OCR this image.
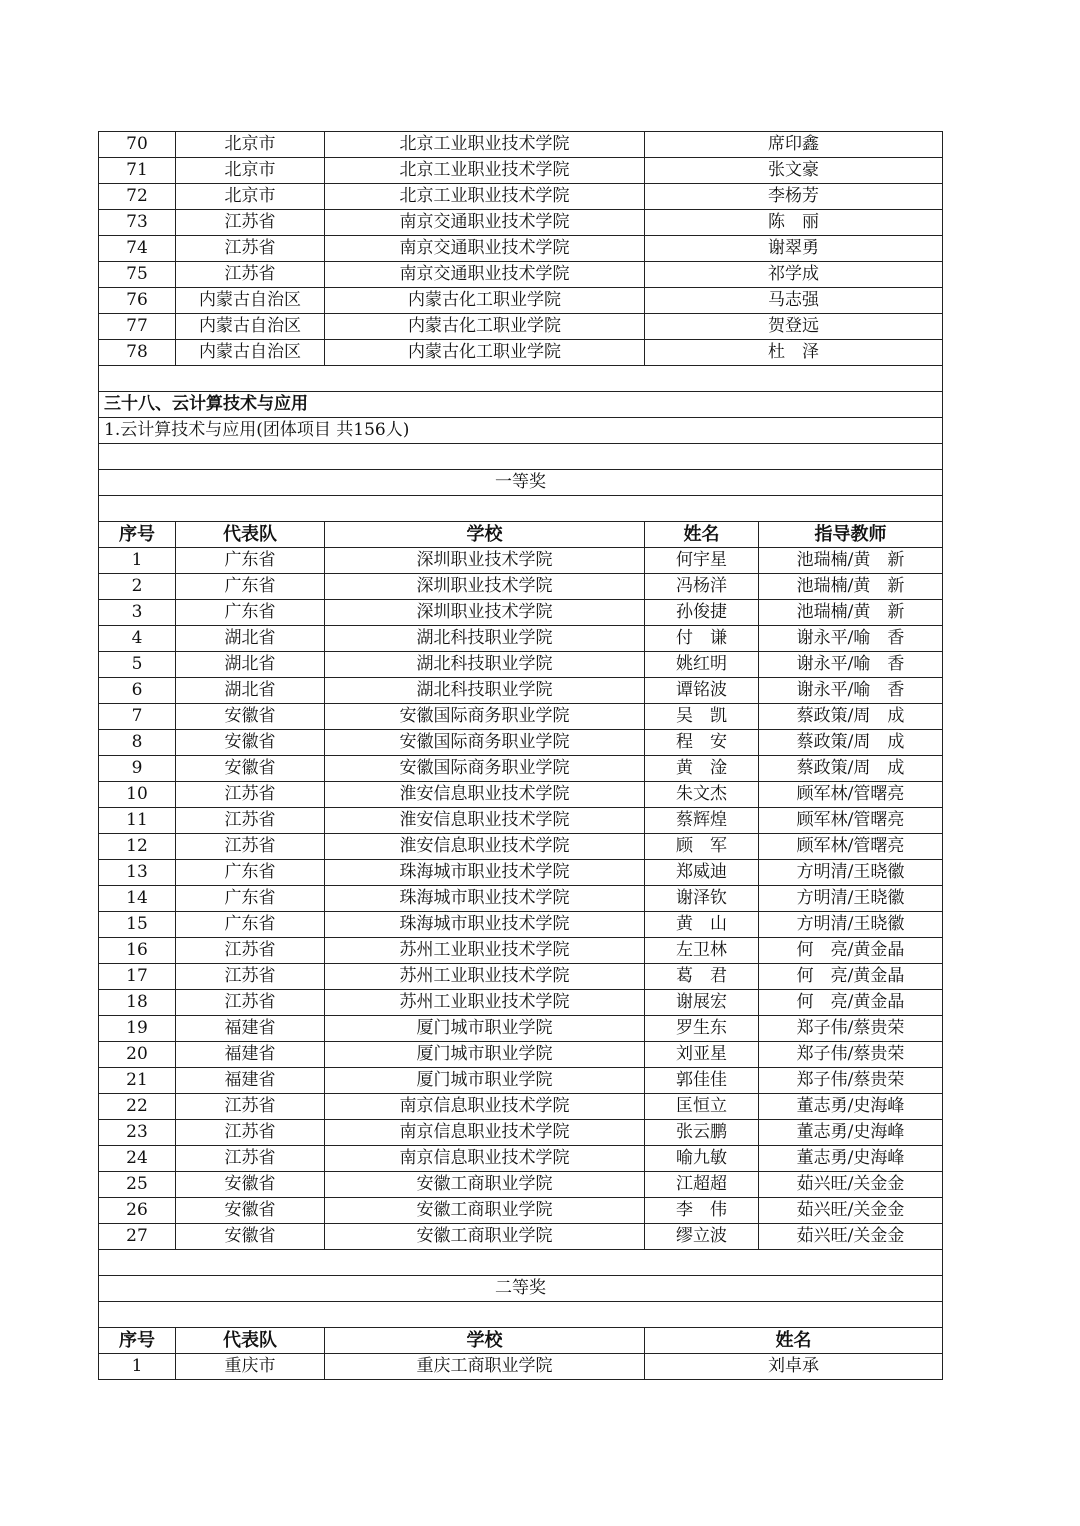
70	北京市	北京工业职业技术学院	席印鑫	
71	北京市	北京工业职业技术学院	张文豪	
72	北京市	北京工业职业技术学院	李杨芳	
73	江苏省	南京交通职业技术学院	陈　丽	
74	江苏省	南京交通职业技术学院	谢翠勇	
75	江苏省	南京交通职业技术学院	祁学成	
76	内蒙古自治区	内蒙古化工职业学院	马志强	
77	内蒙古自治区	内蒙古化工职业学院	贺登远	
78	内蒙古自治区	内蒙古化工职业学院	杜　泽	

三十八、云计算技术与应用				
1.云计算技术与应用(团体项目 共156人)				

一等奖				

序号	代表队	学校	姓名	指导教师
1	广东省	深圳职业技术学院	何宇星	池瑞楠/黄　新
2	广东省	深圳职业技术学院	冯杨洋	池瑞楠/黄　新
3	广东省	深圳职业技术学院	孙俊捷	池瑞楠/黄　新
4	湖北省	湖北科技职业学院	付　谦	谢永平/喻　香
5	湖北省	湖北科技职业学院	姚红明	谢永平/喻　香
6	湖北省	湖北科技职业学院	谭铭波	谢永平/喻　香
7	安徽省	安徽国际商务职业学院	吴　凯	蔡政策/周　成
8	安徽省	安徽国际商务职业学院	程　安	蔡政策/周　成
9	安徽省	安徽国际商务职业学院	黄　淦	蔡政策/周　成
10	江苏省	淮安信息职业技术学院	朱文杰	顾军林/管曙亮
11	江苏省	淮安信息职业技术学院	蔡辉煌	顾军林/管曙亮
12	江苏省	淮安信息职业技术学院	顾　军	顾军林/管曙亮
13	广东省	珠海城市职业技术学院	郑威迪	方明清/王晓徽
14	广东省	珠海城市职业技术学院	谢泽钦	方明清/王晓徽
15	广东省	珠海城市职业技术学院	黄　山	方明清/王晓徽
16	江苏省	苏州工业职业技术学院	左卫林	何　亮/黄金晶
17	江苏省	苏州工业职业技术学院	葛　君	何　亮/黄金晶
18	江苏省	苏州工业职业技术学院	谢展宏	何　亮/黄金晶
19	福建省	厦门城市职业学院	罗生东	郑子伟/蔡贵荣
20	福建省	厦门城市职业学院	刘亚星	郑子伟/蔡贵荣
21	福建省	厦门城市职业学院	郭佳佳	郑子伟/蔡贵荣
22	江苏省	南京信息职业技术学院	匡恒立	董志勇/史海峰
23	江苏省	南京信息职业技术学院	张云鹏	董志勇/史海峰
24	江苏省	南京信息职业技术学院	喻九敏	董志勇/史海峰
25	安徽省	安徽工商职业学院	江超超	茹兴旺/关金金
26	安徽省	安徽工商职业学院	李　伟	茹兴旺/关金金
27	安徽省	安徽工商职业学院	缪立波	茹兴旺/关金金

二等奖				

序号	代表队	学校	姓名	
1	重庆市	重庆工商职业学院	刘卓承	
